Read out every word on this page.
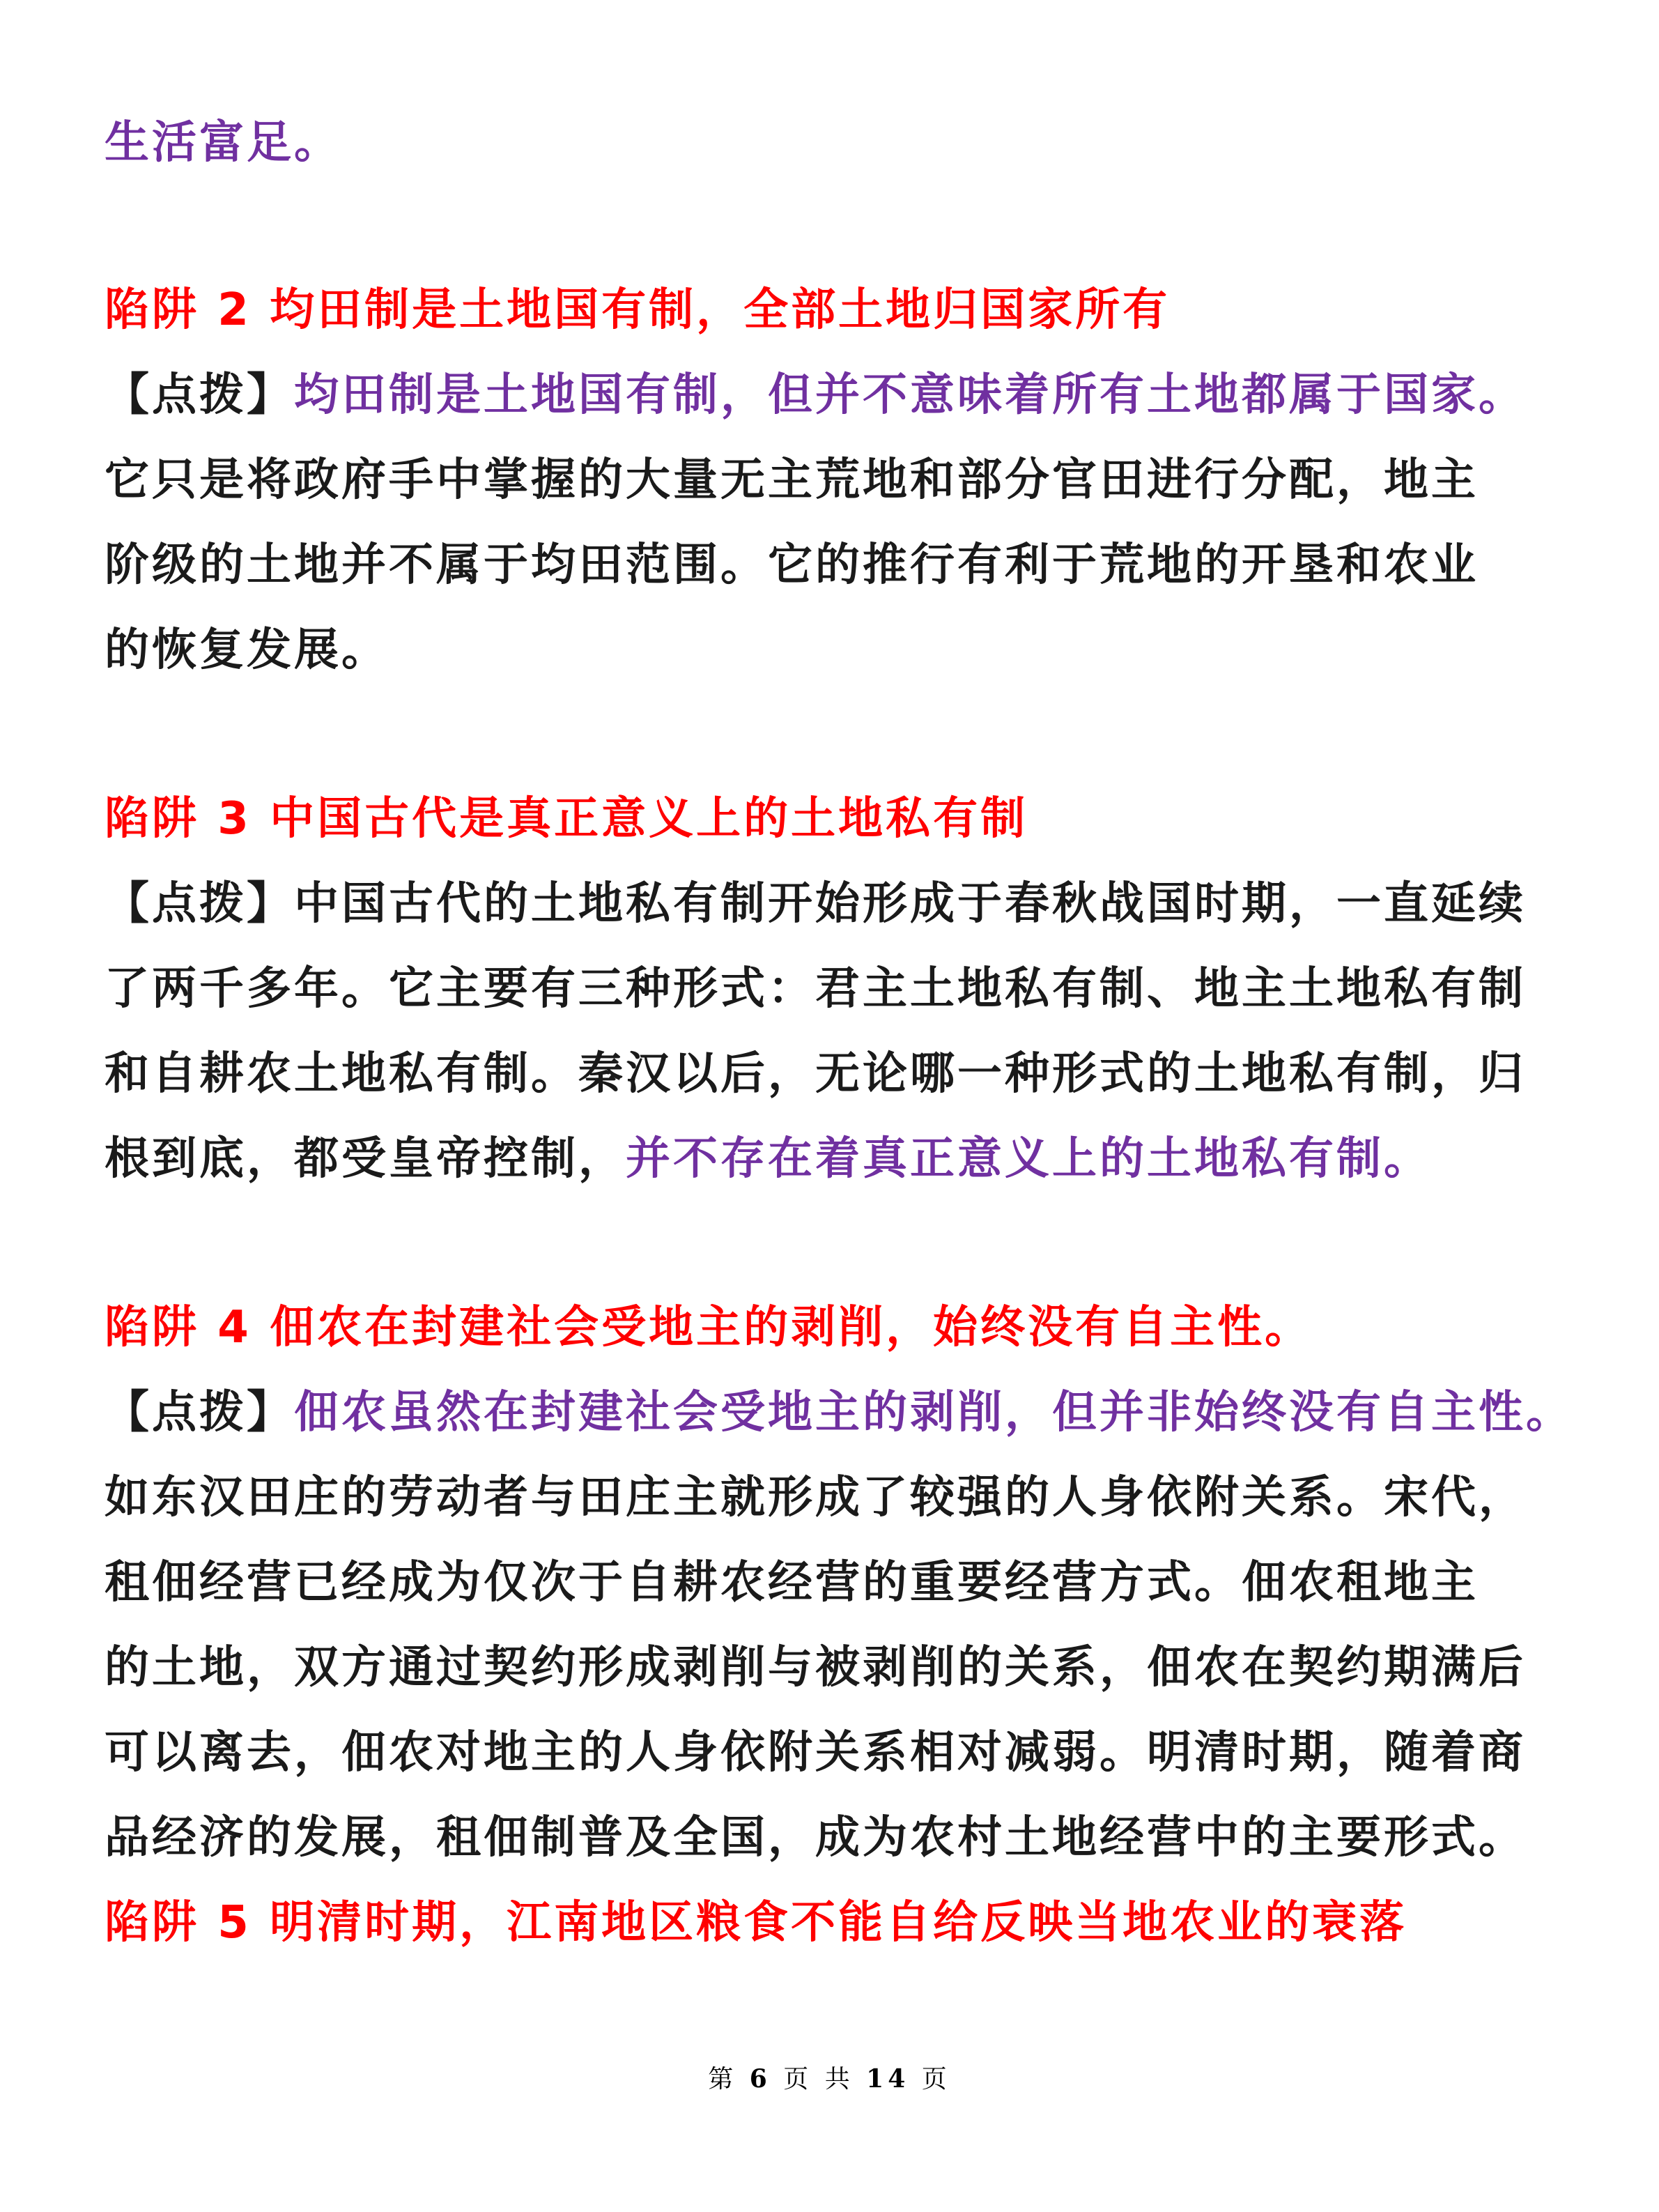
生活富足。
陷阱 2 均田制是土地国有制，全部土地归国家所有
【点拨】均田制是土地国有制，但并不意味着所有土地都属于国家。
它只是将政府手中掌握的大量无主荒地和部分官田进行分配，地主
阶级的土地并不属于均田范围。它的推行有利于荒地的开垦和农业
的恢复发展。
陷阱 3 中国古代是真正意义上的土地私有制
【点拨】中国古代的土地私有制开始形成于春秋战国时期，一直延续
了两千多年。它主要有三种形式：君主土地私有制、地主土地私有制
和自耕农土地私有制。秦汉以后，无论哪一种形式的土地私有制，归
根到底，都受皇帝控制，并不存在着真正意义上的土地私有制。
陷阱 4 佃农在封建社会受地主的剥削，始终没有自主性。
【点拨】佃农虽然在封建社会受地主的剥削，但并非始终没有自主性。
如东汉田庄的劳动者与田庄主就形成了较强的人身依附关系。宋代，
租佃经营已经成为仅次于自耕农经营的重要经营方式。佃农租地主
的土地，双方通过契约形成剥削与被剥削的关系，佃农在契约期满后
可以离去，佃农对地主的人身依附关系相对减弱。明清时期，随着商
品经济的发展，租佃制普及全国，成为农村土地经营中的主要形式。
陷阱 5 明清时期，江南地区粮食不能自给反映当地农业的衰落
第 6 页 共 14 页
